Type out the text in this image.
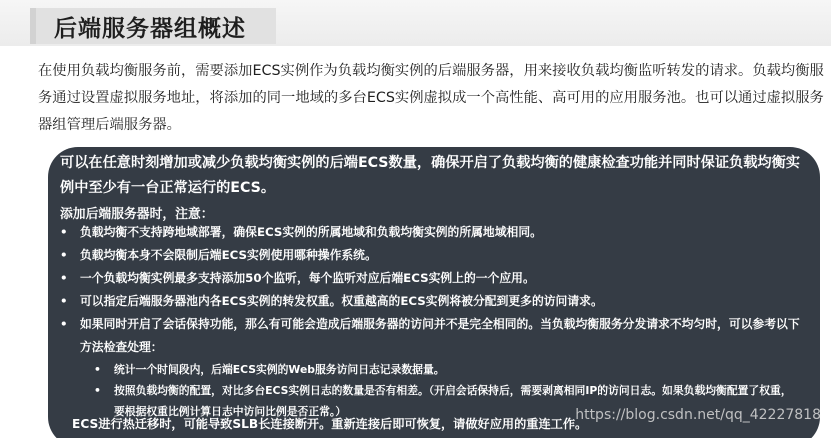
后端服务器组概述

在使用负载均衡服务前，需要添加ECS实例作为负载均衡实例的后端服务器，用来接收负载均衡监听转发的请求。负载均衡服务通过设置虚拟服务地址，将添加的同一地域的多台ECS实例虚拟成一个高性能、高可用的应用服务池。也可以通过虚拟服务器组管理后端服务器。

可以在任意时刻增加或减少负载均衡实例的后端ECS数量，确保开启了负载均衡的健康检查功能并同时保证负载均衡实例中至少有一台正常运行的ECS。

添加后端服务器时，注意：

• 负载均衡不支持跨地域部署，确保ECS实例的所属地域和负载均衡实例的所属地域相同。
• 负载均衡本身不会限制后端ECS实例使用哪种操作系统。
• 一个负载均衡实例最多支持添加50个监听，每个监听对应后端ECS实例上的一个应用。
• 可以指定后端服务器池内各ECS实例的转发权重。权重越高的ECS实例将被分配到更多的访问请求。
• 如果同时开启了会话保持功能，那么有可能会造成后端服务器的访问并不是完全相同的。当负载均衡服务分发请求不均匀时，可以参考以下方法检查处理：
• 统计一个时间段内，后端ECS实例的Web服务访问日志记录数据量。
• 按照负载均衡的配置，对比多台ECS实例日志的数量是否有相差。（开启会话保持后，需要剥离相同IP的访问日志。如果负载均衡配置了权重，要根据权重比例计算日志中访问比例是否正常。）

ECS进行热迁移时，可能导致SLB长连接断开。重新连接后即可恢复，请做好应用的重连工作。

https://blog.csdn.net/qq_42227818
